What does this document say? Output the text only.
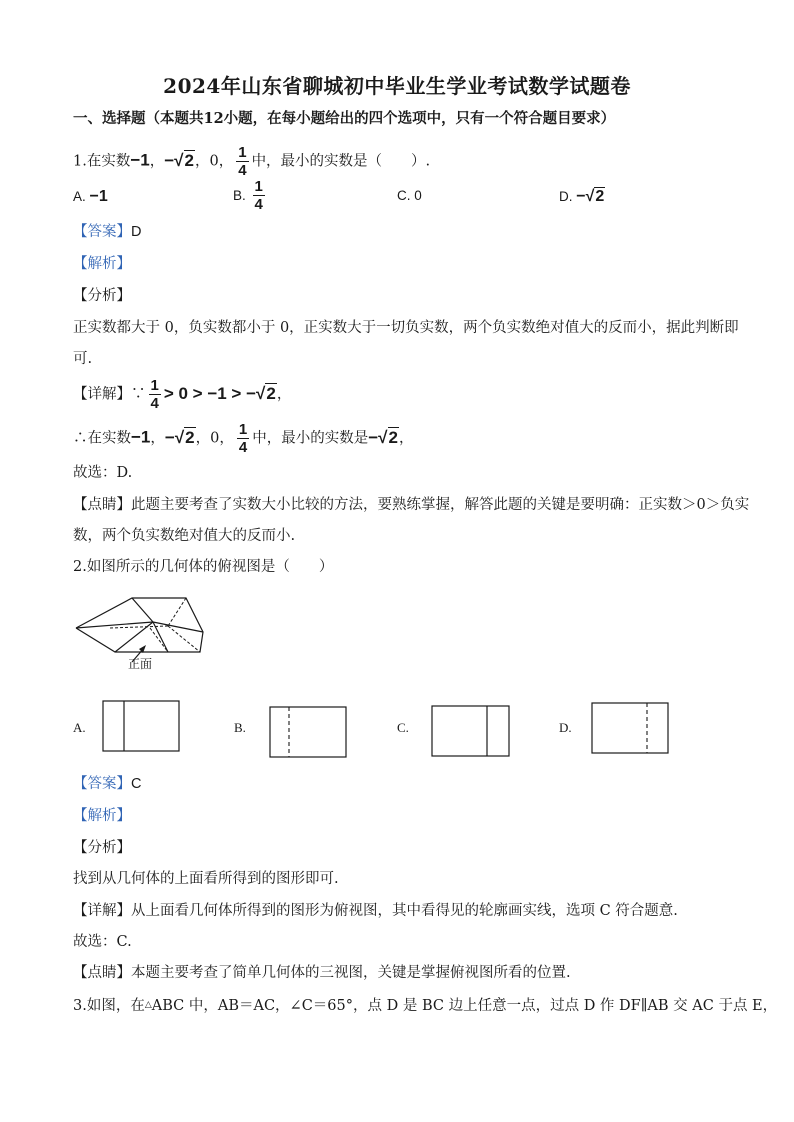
2024年山东省聊城初中毕业生学业考试数学试题卷
一、选择题（本题共12小题，在每小题给出的四个选项中，只有一个符合题目要求）
1.在实数−1，−√2，0， $\frac{1}{4}$ 中，最小的实数是（　　）.
A. −1	B. $\frac{1}{4}$	C. 0	D. −√2
【答案】D
【解析】
【分析】
正实数都大于 0，负实数都小于 0，正实数大于一切负实数，两个负实数绝对值大的反而小，据此判断即
可.
【详解】∵ $\frac{1}{4} > 0 > -1 > -√2$，
∴在实数−1，−√2，0， $\frac{1}{4}$ 中，最小的实数是−√2，
故选：D.
【点睛】此题主要考查了实数大小比较的方法，要熟练掌握，解答此题的关键是要明确：正实数＞0＞负实
数，两个负实数绝对值大的反而小.
2.如图所示的几何体的俯视图是（　　）
正面
A.	B.	C.	D.
【答案】C
【解析】
【分析】
找到从几何体的上面看所得到的图形即可.
【详解】从上面看几何体所得到的图形为俯视图，其中看得见的轮廓画实线，选项 C 符合题意.
故选：C.
【点睛】本题主要考查了简单几何体的三视图，关键是掌握俯视图所看的位置.
3.如图，在△ABC 中，AB＝AC，∠C＝65°，点 D 是 BC 边上任意一点，过点 D 作 DF∥AB 交 AC 于点 E，
